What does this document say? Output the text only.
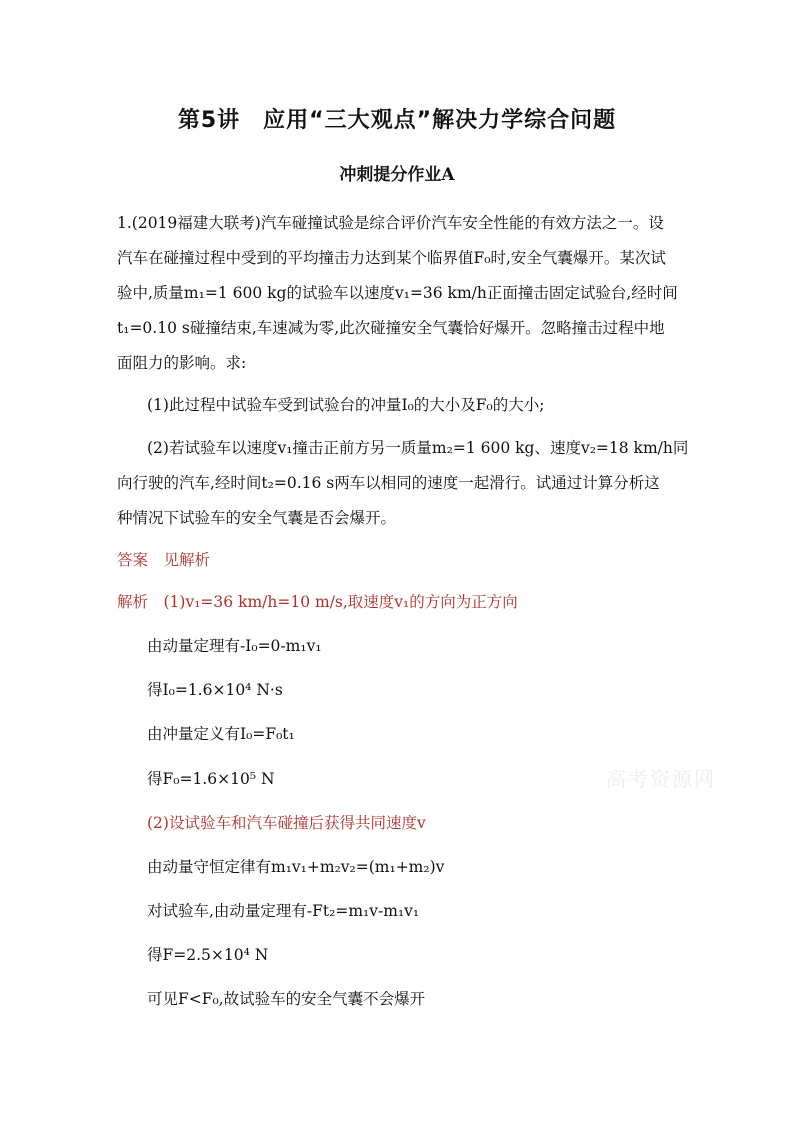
第5讲　应用“三大观点”解决力学综合问题
冲刺提分作业A
1.(2019福建大联考)汽车碰撞试验是综合评价汽车安全性能的有效方法之一。设
汽车在碰撞过程中受到的平均撞击力达到某个临界值F₀时,安全气囊爆开。某次试
验中,质量m₁=1 600 kg的试验车以速度v₁=36 km/h正面撞击固定试验台,经时间
t₁=0.10 s碰撞结束,车速减为零,此次碰撞安全气囊恰好爆开。忽略撞击过程中地
面阻力的影响。求:
(1)此过程中试验车受到试验台的冲量I₀的大小及F₀的大小;
(2)若试验车以速度v₁撞击正前方另一质量m₂=1 600 kg、速度v₂=18 km/h同
向行驶的汽车,经时间t₂=0.16 s两车以相同的速度一起滑行。试通过计算分析这
种情况下试验车的安全气囊是否会爆开。
答案　见解析
解析　(1)v₁=36 km/h=10 m/s,取速度v₁的方向为正方向
由动量定理有-I₀=0-m₁v₁
得I₀=1.6×10⁴ N·s
由冲量定义有I₀=F₀t₁
得F₀=1.6×10⁵ N
(2)设试验车和汽车碰撞后获得共同速度v
由动量守恒定律有m₁v₁+m₂v₂=(m₁+m₂)v
对试验车,由动量定理有-Ft₂=m₁v-m₁v₁
得F=2.5×10⁴ N
可见F<F₀,故试验车的安全气囊不会爆开
高考资源网
